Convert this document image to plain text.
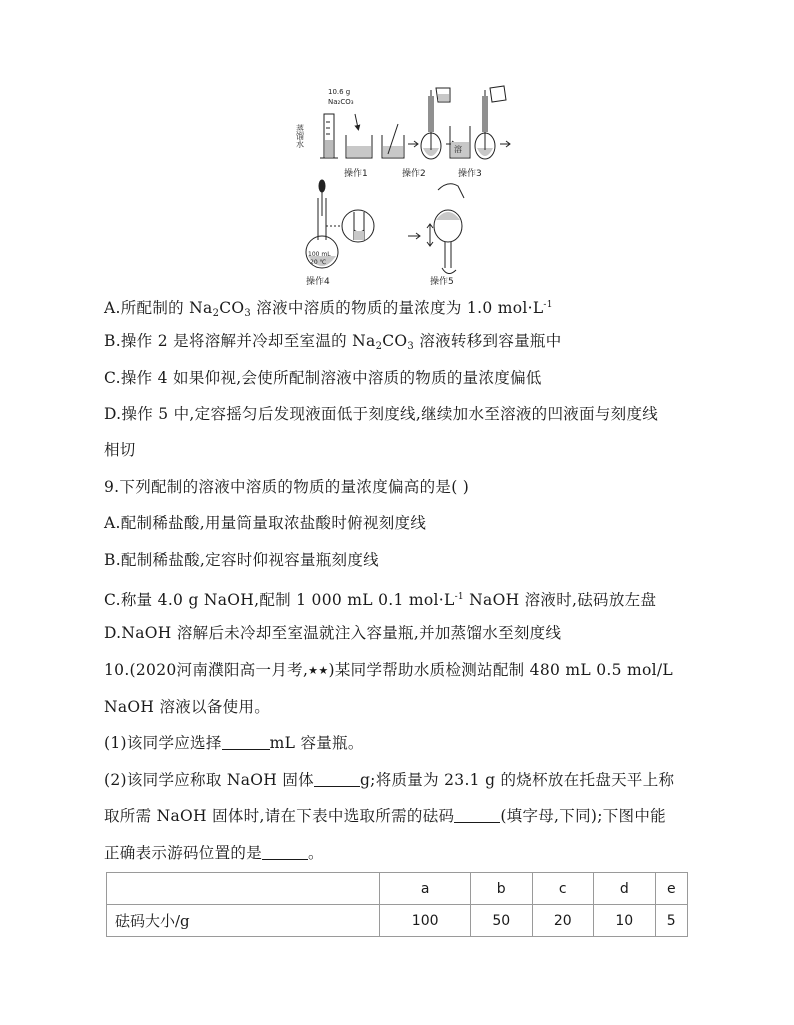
溶
蒸馏水
10.6 g
Na₂CO₃
100 mL
20 ℃
操作1	操作2	操作3
操作4	操作5
A.所配制的 $Na_2CO_3$ 溶液中溶质的物质的量浓度为 1.0 $mol\cdot L^{-1}$
B.操作 2 是将溶解并冷却至室温的 $Na_2CO_3$ 溶液转移到容量瓶中
C.操作 4 如果仰视,会使所配制溶液中溶质的物质的量浓度偏低
D.操作 5 中,定容摇匀后发现液面低于刻度线,继续加水至溶液的凹液面与刻度线
相切
9.下列配制的溶液中溶质的物质的量浓度偏高的是( )
A.配制稀盐酸,用量筒量取浓盐酸时俯视刻度线
B.配制稀盐酸,定容时仰视容量瓶刻度线
C.称量 4.0 g NaOH,配制 1 000 mL 0.1 $mol\cdot L^{-1}$ NaOH 溶液时,砝码放左盘
D.NaOH 溶解后未冷却至室温就注入容量瓶,并加蒸馏水至刻度线
10.(2020河南濮阳高一月考,★★)某同学帮助水质检测站配制 480 mL 0.5 mol/L
NaOH 溶液以备使用。
(1)该同学应选择	mL 容量瓶。
(2)该同学应称取 NaOH 固体	g;将质量为 23.1 g 的烧杯放在托盘天平上称
取所需 NaOH 固体时,请在下表中选取所需的砝码	(填字母,下同);下图中能
正确表示游码位置的是	。
	a	b	c	d	e
砝码大小/g	100	50	20	10	5
